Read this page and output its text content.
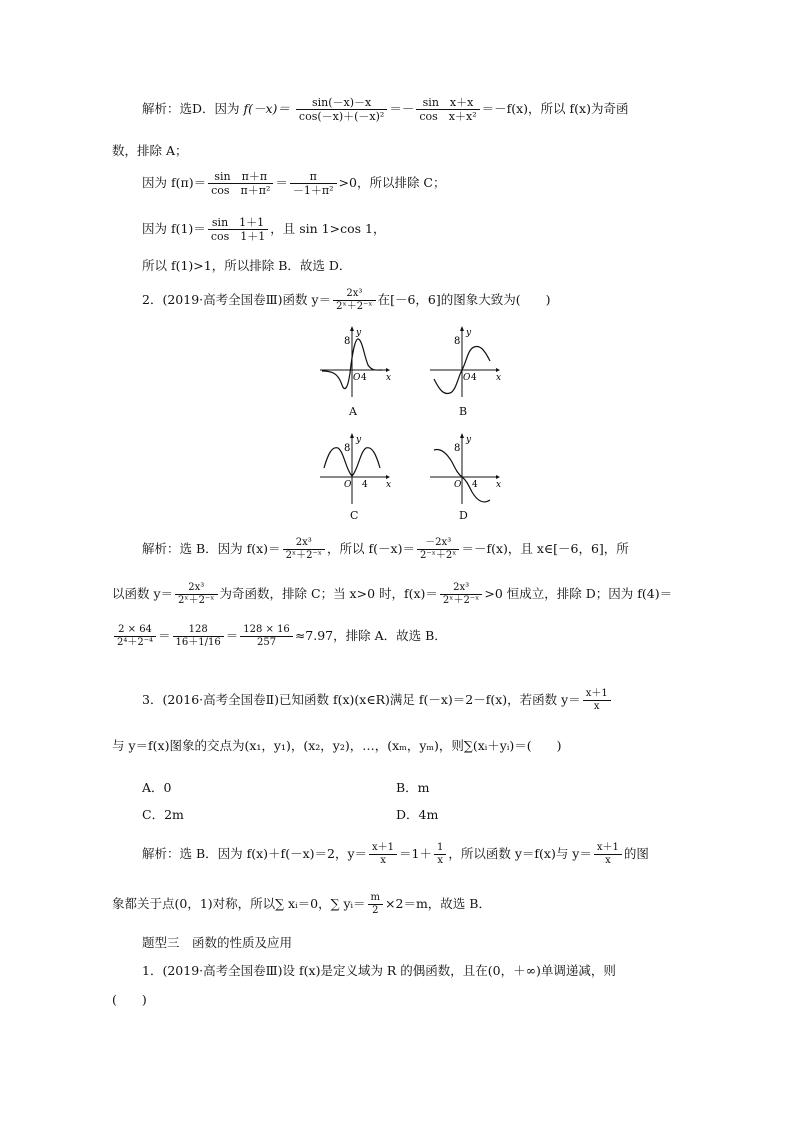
解析：选D．因为 $f(-x)= \frac{\sin(-x)-x}{\text{cos(－x)＋(－x)²}} =- \frac{\text{sin　x＋x}}{\text{cos　x＋x²}} =-f(x)$，所以 f(x)为奇函
数，排除 A；
因为 $f(\pi)= \frac{\text{sin　π＋π}}{\text{cos　π＋π²}} = \frac{\pi}{\text{－1＋π²}} >0$，所以排除 C；
因为 $f(1)= \frac{\sin 1+1}{\cos 1+1}$ ，且 sin 1>cos 1，
所以 f(1)>1，所以排除 B．故选 D．
2．(2019·高考全国卷Ⅲ)函数 $y= \frac{\text{2x³}}{\text{2ˣ＋2⁻ˣ}}$ 在[－6，6]的图象大致为(　　)
8
y
O 4 x
A
8
y
O 4 x
B
8
y
O 4 x
C
8
y
O 4 x
D
解析：选 B．因为 $f(x)= \frac{\text{2x³}}{\text{2ˣ＋2⁻ˣ}}$ ，所以 $f(-x)= \frac{\text{－2x³}}{\text{2⁻ˣ＋2ˣ}} =-f(x)$，且 x∈[－6，6]，所
以函数 $y= \frac{\text{2x³}}{\text{2ˣ＋2⁻ˣ}}$ 为奇函数，排除 C；当 x>0 时，$f(x)= \frac{\text{2x³}}{\text{2ˣ＋2⁻ˣ}} >0$ 恒成立，排除 D；因为 f(4)＝
$\frac{2 \times 64}{\text{2⁴＋2⁻⁴}} = \frac{128}{16+1/16} = \frac{128 \times 16}{257} \approx 7.97$，排除 A．故选 B．
3．(2016·高考全国卷Ⅱ)已知函数 f(x)(x∈R)满足 f(－x)＝2－f(x)，若函数 $y= \frac{x+1}{x}$
与 y＝f(x)图象的交点为(x₁，y₁)，(x₂，y₂)，…，(xₘ，yₘ)，则∑(xᵢ＋yᵢ)＝(　　)
A．0	B．m
C．2m	D．4m
解析：选 B．因为 f(x)＋f(－x)＝2，$y= \frac{x+1}{x} =1+ \frac{1}{x}$ ，所以函数 y＝f(x)与 $y= \frac{x+1}{x}$ 的图
象都关于点(0，1)对称，所以∑ xᵢ＝0，∑ yᵢ＝ $\frac{m}{2} \times 2=m$，故选 B．
题型三　函数的性质及应用
1．(2019·高考全国卷Ⅲ)设 f(x)是定义域为 R 的偶函数，且在(0，＋∞)单调递减，则
(　　)
